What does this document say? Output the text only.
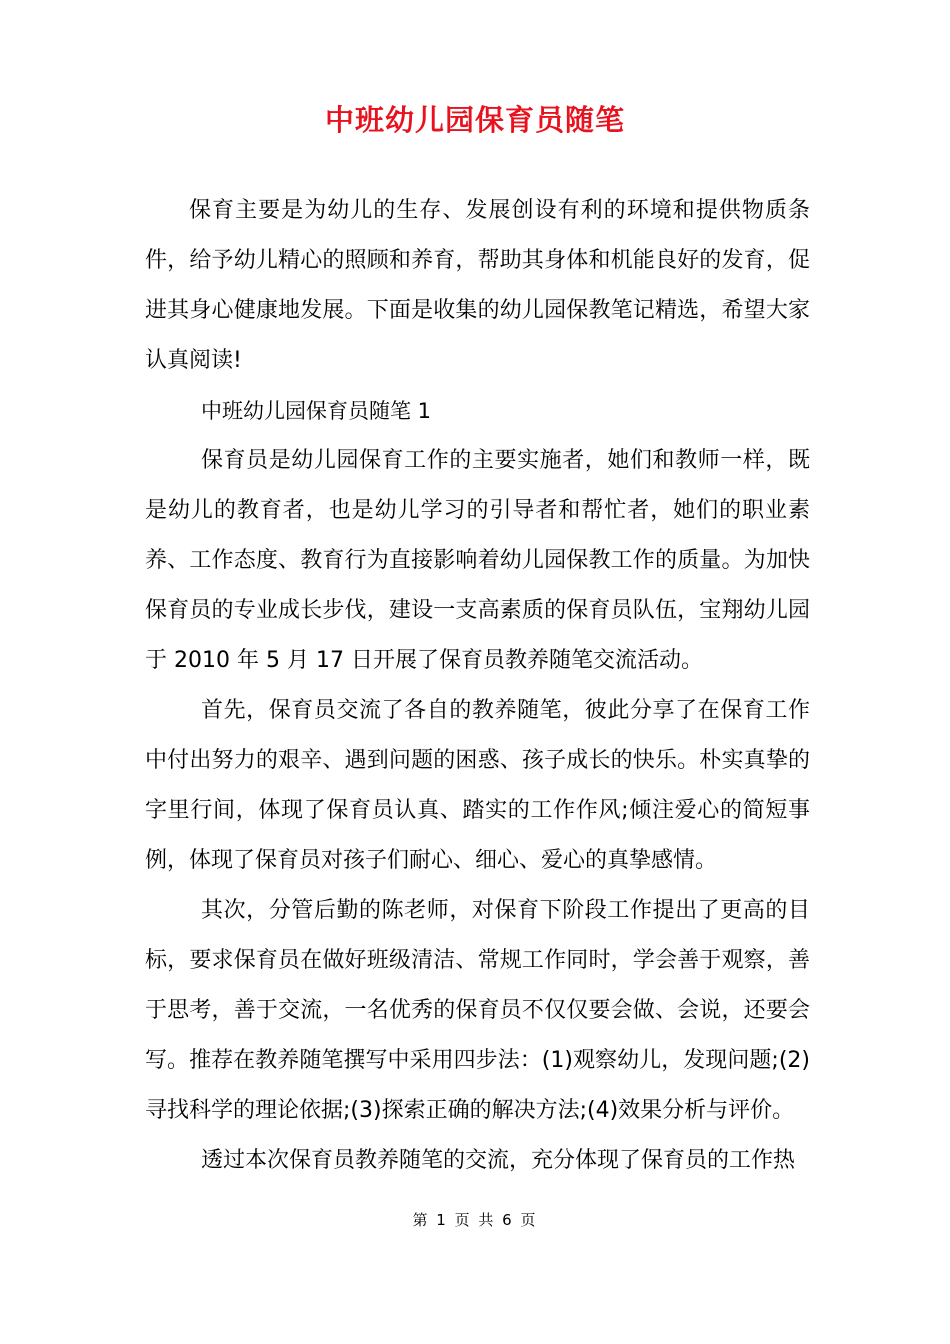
中班幼儿园保育员随笔

保育主要是为幼儿的生存、发展创设有利的环境和提供物质条件，给予幼儿精心的照顾和养育，帮助其身体和机能良好的发育，促进其身心健康地发展。下面是收集的幼儿园保教笔记精选，希望大家认真阅读!

中班幼儿园保育员随笔 1

保育员是幼儿园保育工作的主要实施者，她们和教师一样，既是幼儿的教育者，也是幼儿学习的引导者和帮忙者，她们的职业素养、工作态度、教育行为直接影响着幼儿园保教工作的质量。为加快保育员的专业成长步伐，建设一支高素质的保育员队伍，宝翔幼儿园于 2010 年 5 月 17 日开展了保育员教养随笔交流活动。

首先，保育员交流了各自的教养随笔，彼此分享了在保育工作中付出努力的艰辛、遇到问题的困惑、孩子成长的快乐。朴实真挚的字里行间，体现了保育员认真、踏实的工作作风;倾注爱心的简短事例，体现了保育员对孩子们耐心、细心、爱心的真挚感情。

其次，分管后勤的陈老师，对保育下阶段工作提出了更高的目标，要求保育员在做好班级清洁、常规工作同时，学会善于观察，善于思考，善于交流，一名优秀的保育员不仅仅要会做、会说，还要会写。推荐在教养随笔撰写中采用四步法：(1)观察幼儿，发现问题;(2)寻找科学的理论依据;(3)探索正确的解决方法;(4)效果分析与评价。

透过本次保育员教养随笔的交流，充分体现了保育员的工作热

第 1 页 共 6 页
